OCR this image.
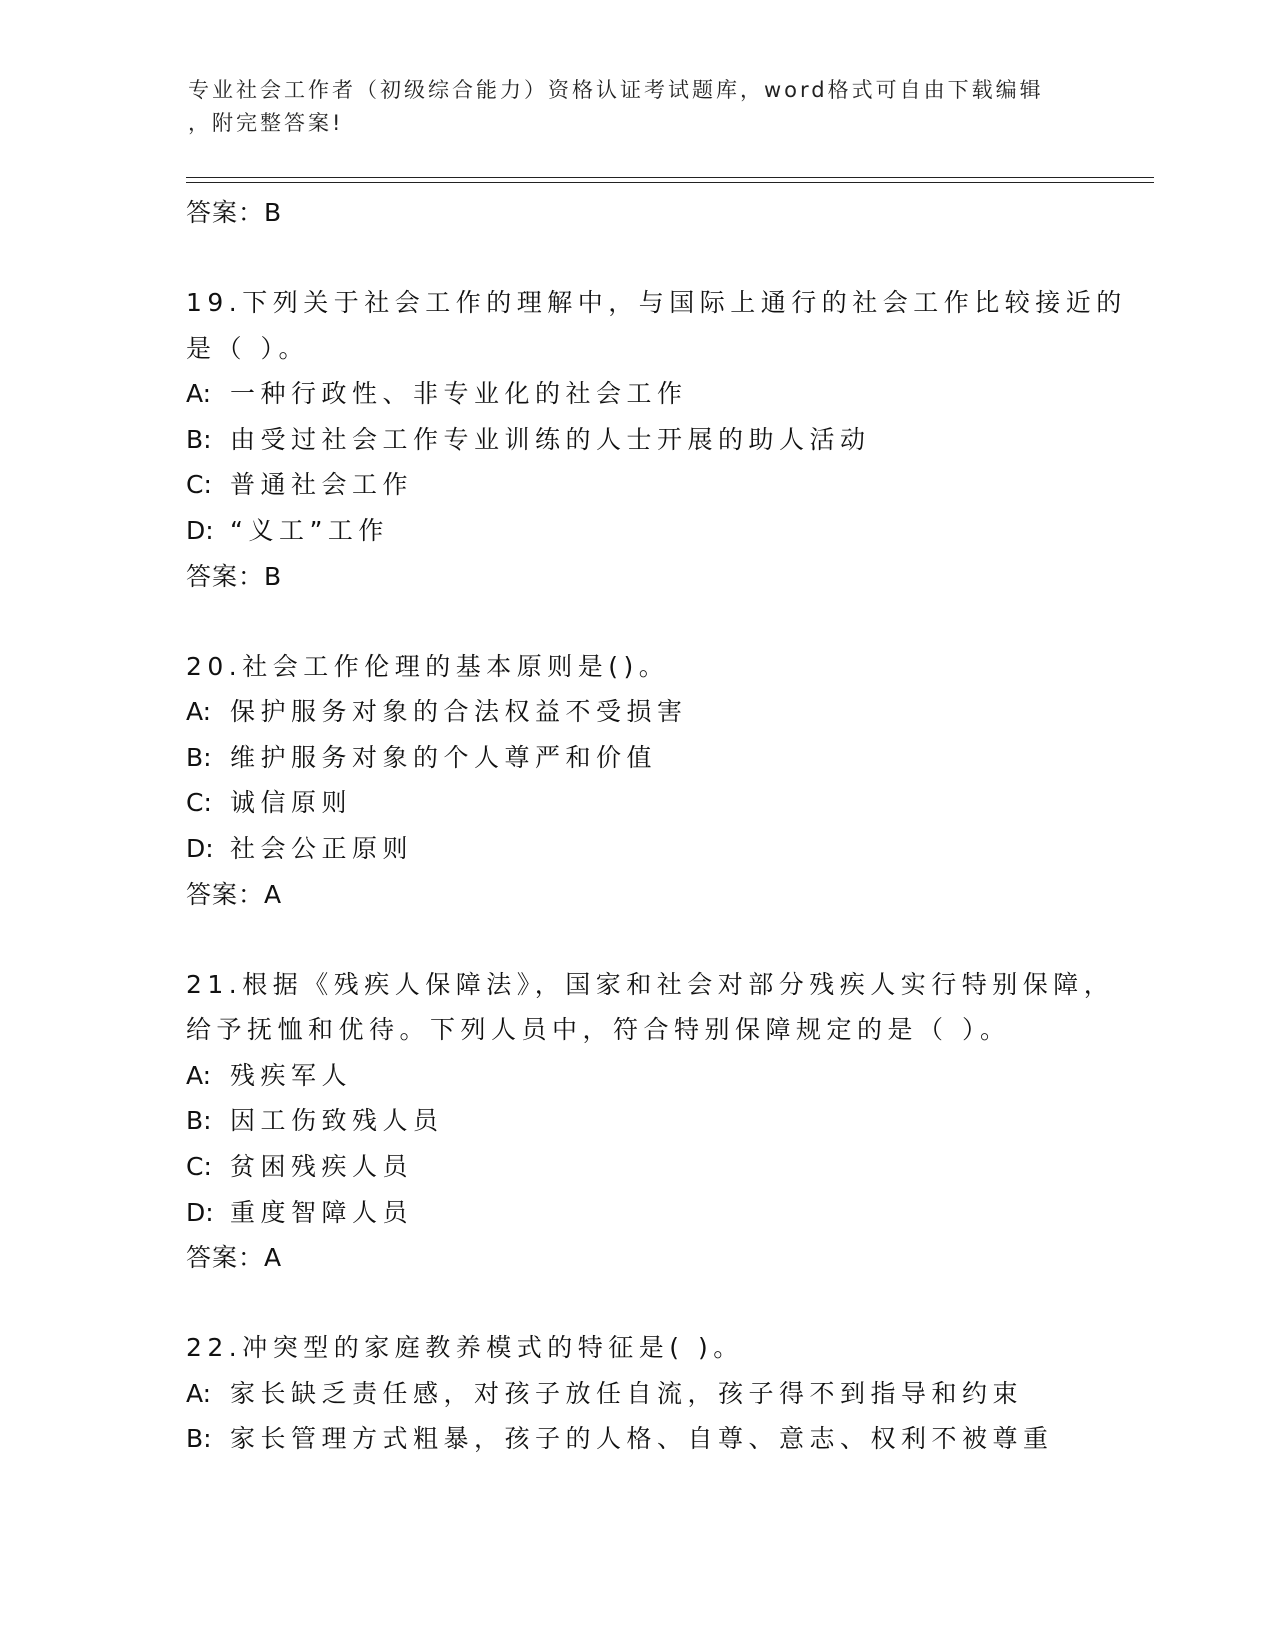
专业社会工作者（初级综合能力）资格认证考试题库，word格式可自由下载编辑
，附完整答案!
答案：B
19.下列关于社会工作的理解中，与国际上通行的社会工作比较接近的
是（ ）。
A: 一种行政性、非专业化的社会工作
B: 由受过社会工作专业训练的人士开展的助人活动
C: 普通社会工作
D: “义工”工作
答案：B
20.社会工作伦理的基本原则是()。
A: 保护服务对象的合法权益不受损害
B: 维护服务对象的个人尊严和价值
C: 诚信原则
D: 社会公正原则
答案：A
21.根据《残疾人保障法》，国家和社会对部分残疾人实行特别保障，
给予抚恤和优待。下列人员中，符合特别保障规定的是（ ）。
A: 残疾军人
B: 因工伤致残人员
C: 贫困残疾人员
D: 重度智障人员
答案：A
22.冲突型的家庭教养模式的特征是( )。
A: 家长缺乏责任感，对孩子放任自流，孩子得不到指导和约束
B: 家长管理方式粗暴，孩子的人格、自尊、意志、权利不被尊重
